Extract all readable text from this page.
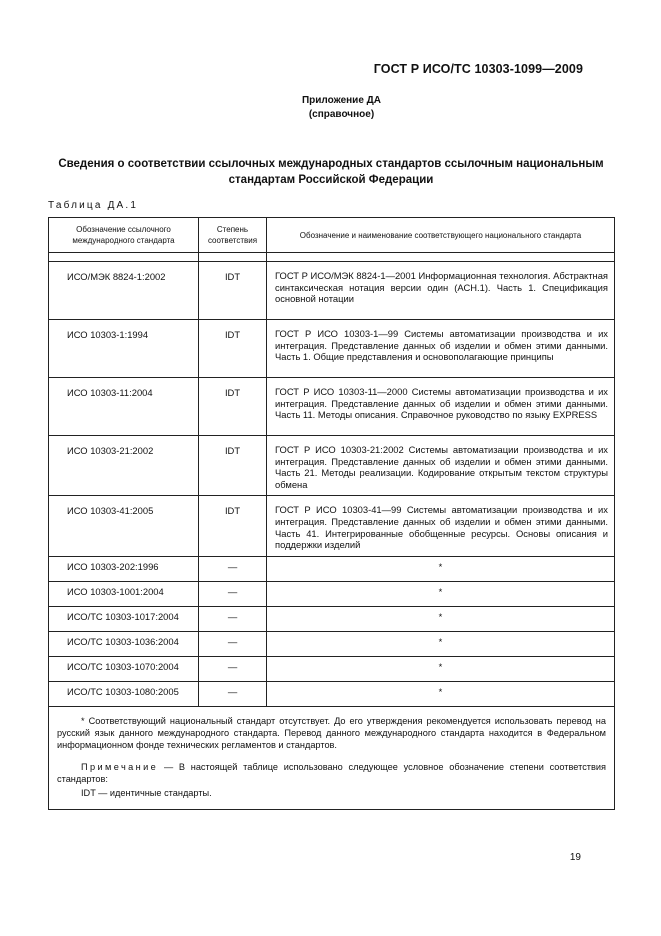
ГОСТ Р ИСО/ТС 10303-1099—2009
Приложение ДА
(справочное)
Сведения о соответствии ссылочных международных стандартов ссылочным национальным
стандартам Российской Федерации
Таблица ДА.1
Обозначение ссылочного международного стандарта	Степень соответствия	Обозначение и наименование соответствующего национального стандарта

ИСО/МЭК 8824-1:2002	IDT	ГОСТ Р ИСО/МЭК 8824-1—2001 Информационная технология. Абстрактная синтаксическая нотация версии один (АСН.1). Часть 1. Спецификация основной нотации
ИСО 10303-1:1994	IDT	ГОСТ Р ИСО 10303-1—99 Системы автоматизации производства и их интеграция. Представление данных об изделии и обмен этими данными. Часть 1. Общие представления и основополагающие принципы
ИСО 10303-11:2004	IDT	ГОСТ Р ИСО 10303-11—2000 Системы автоматизации производства и их интеграция. Представление данных об изделии и обмен этими данными. Часть 11. Методы описания. Справочное руководство по языку EXPRESS
ИСО 10303-21:2002	IDT	ГОСТ Р ИСО 10303-21:2002 Системы автоматизации производства и их интеграция. Представление данных об изделии и обмен этими данными. Часть 21. Методы реализации. Кодирование открытым текстом структуры обмена
ИСО 10303-41:2005	IDT	ГОСТ Р ИСО 10303-41—99 Системы автоматизации производства и их интеграция. Представление данных об изделии и обмен этими данными. Часть 41. Интегрированные обобщенные ресурсы. Основы описания и поддержки изделий
ИСО 10303-202:1996	—	*
ИСО 10303-1001:2004	—	*
ИСО/ТС 10303-1017:2004	—	*
ИСО/ТС 10303-1036:2004	—	*
ИСО/ТС 10303-1070:2004	—	*
ИСО/ТС 10303-1080:2005	—	*

* Соответствующий национальный стандарт отсутствует. До его утверждения рекомендуется использовать перевод на русский язык данного международного стандарта. Перевод данного международного стандарта находится в Федеральном информационном фонде технических регламентов и стандартов.

Примечание — В настоящей таблице использовано следующее условное обозначение степени соответствия стандартов:

IDT — идентичные стандарты.		
19
